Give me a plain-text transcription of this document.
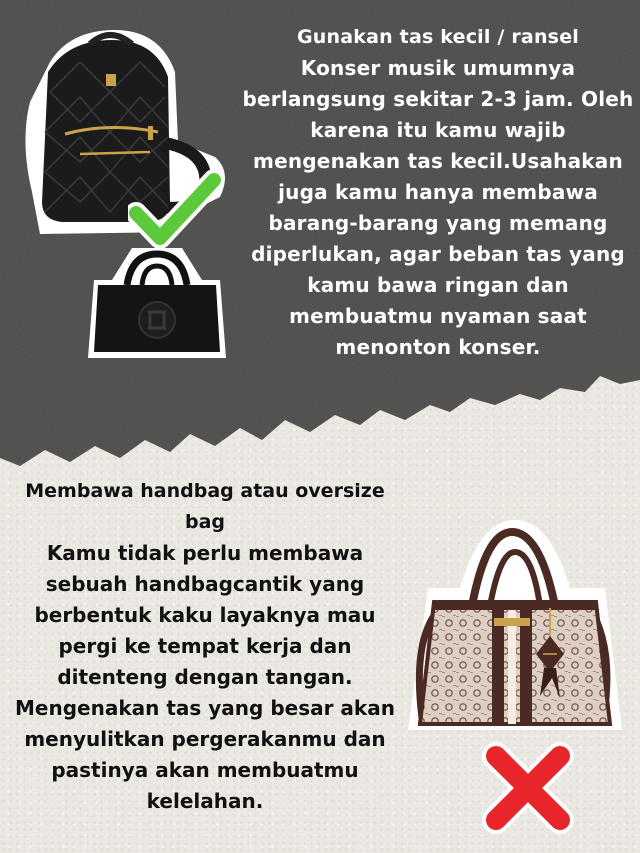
Gunakan tas kecil / ransel

Konser musik umumnya berlangsung sekitar 2-3 jam. Oleh karena itu kamu wajib mengenakan tas kecil.Usahakan juga kamu hanya membawa barang-barang yang memang diperlukan, agar beban tas yang kamu bawa ringan dan membuatmu nyaman saat menonton konser.

Membawa handbag atau oversize bag

Kamu tidak perlu membawa sebuah handbagcantik yang berbentuk kaku layaknya mau pergi ke tempat kerja dan ditenteng dengan tangan. Mengenakan tas yang besar akan menyulitkan pergerakanmu dan pastinya akan membuatmu kelelahan.
